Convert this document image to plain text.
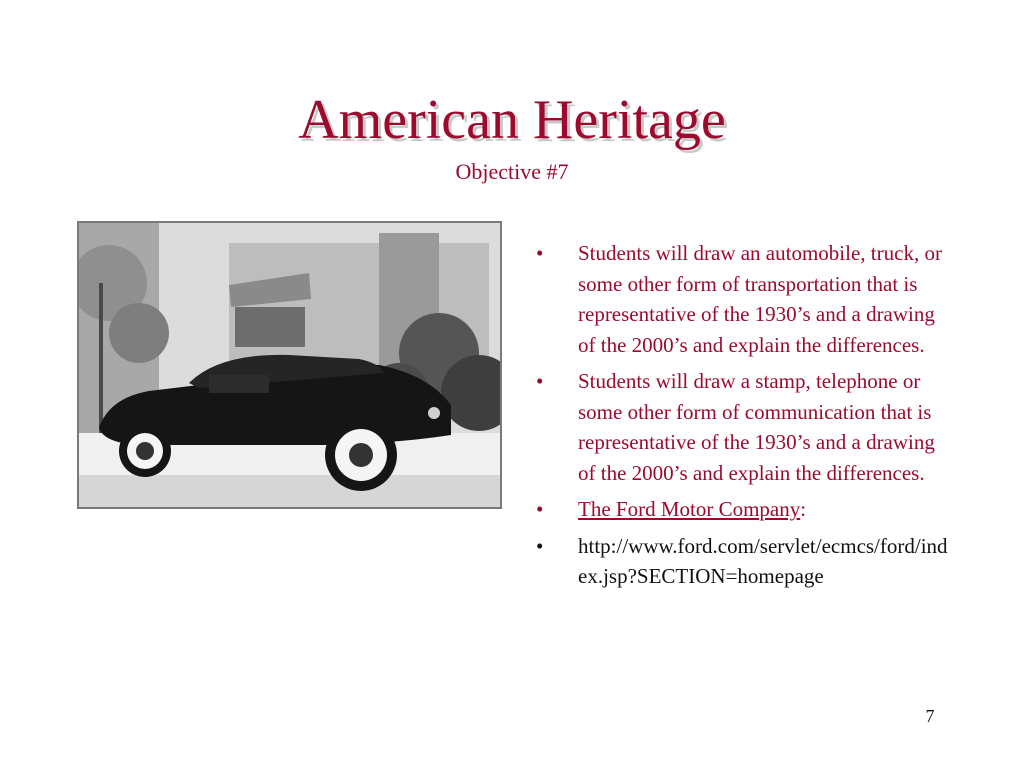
American Heritage
Objective #7
• Students will draw an automobile, truck, or some other form of transportation that is representative of the 1930’s and a drawing of the 2000’s and explain the differences.
• Students will draw a stamp, telephone or some other form of communication that is representative of the 1930’s and a drawing of the 2000’s and explain the differences.
• The Ford Motor Company:
• http://www.ford.com/servlet/ecmcs/ford/index.jsp?SECTION=homepage
7
